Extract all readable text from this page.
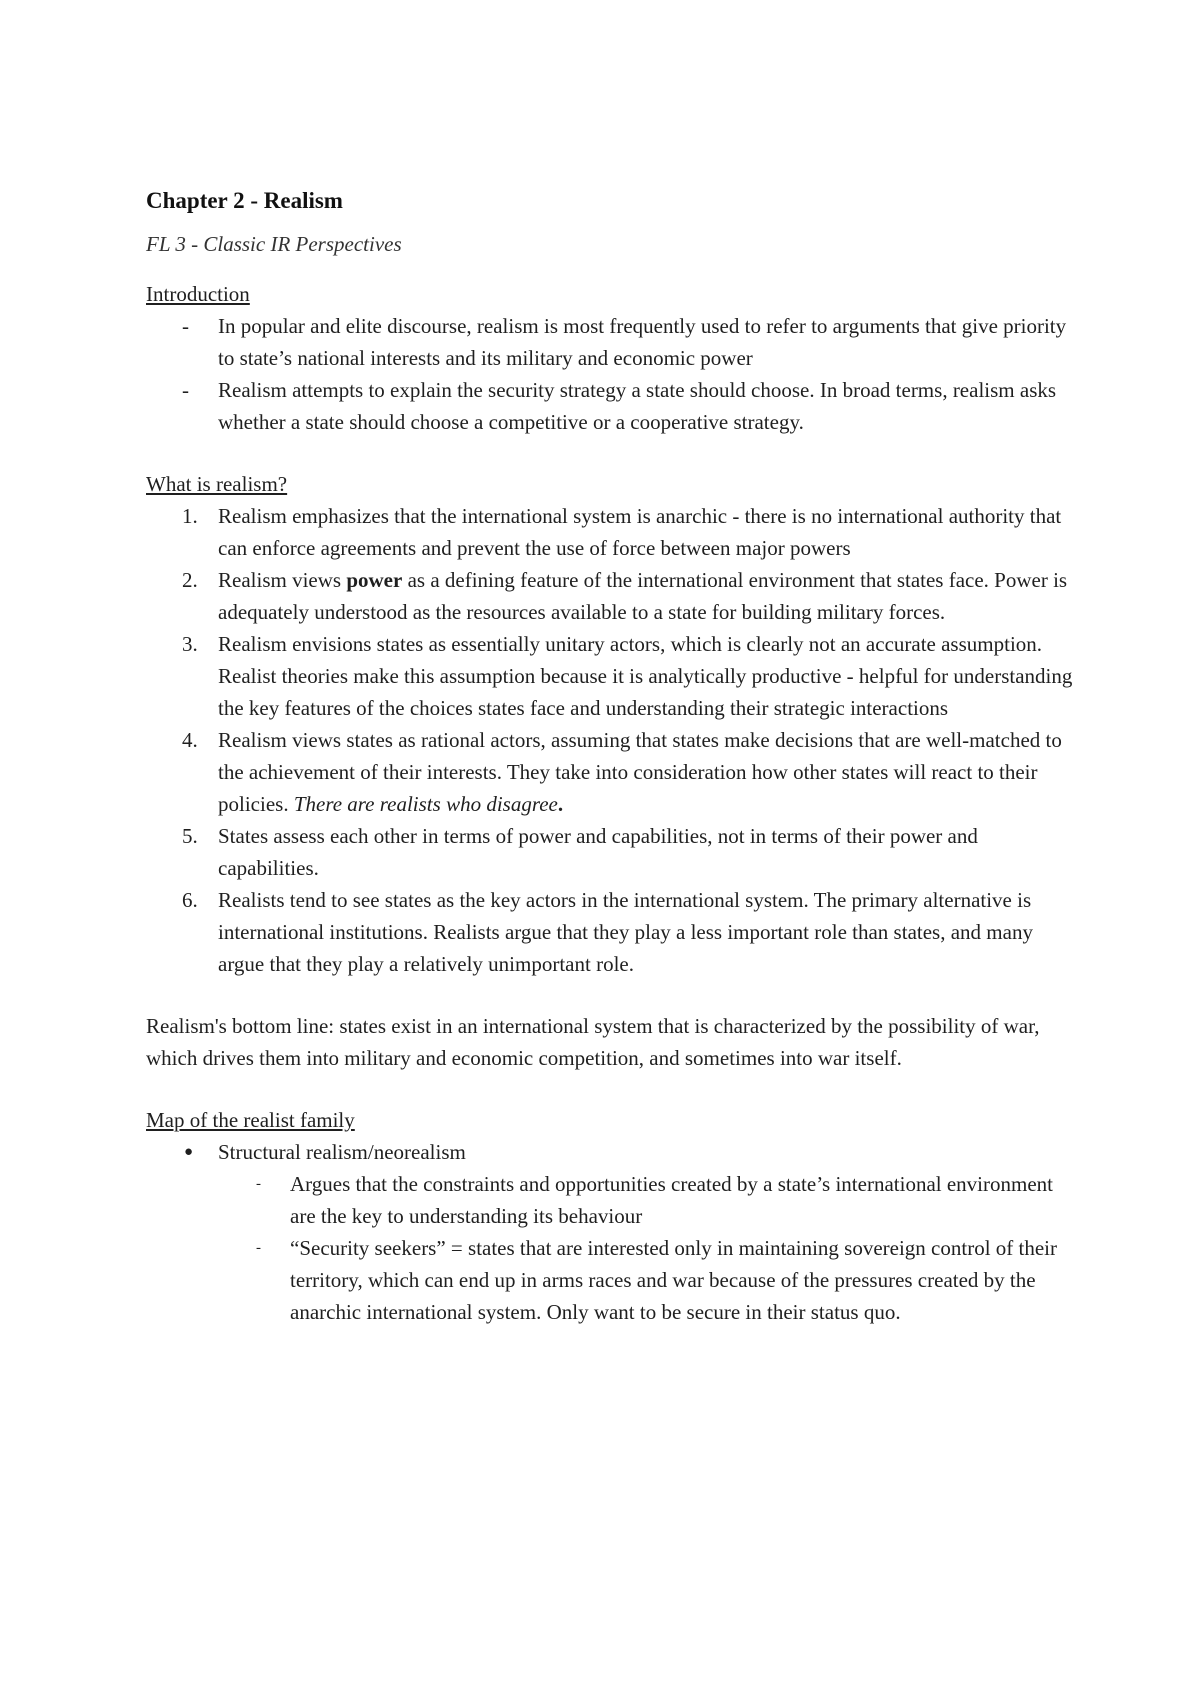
Chapter 2 - Realism

FL 3 - Classic IR Perspectives

Introduction

-	In popular and elite discourse, realism is most frequently used to refer to arguments that give priority to state’s national interests and its military and economic power
-	Realism attempts to explain the security strategy a state should choose. In broad terms, realism asks whether a state should choose a competitive or a cooperative strategy.

What is realism?

1. Realism emphasizes that the international system is anarchic - there is no international authority that can enforce agreements and prevent the use of force between major powers
2. Realism views power as a defining feature of the international environment that states face. Power is adequately understood as the resources available to a state for building military forces.
3. Realism envisions states as essentially unitary actors, which is clearly not an accurate assumption. Realist theories make this assumption because it is analytically productive - helpful for understanding the key features of the choices states face and understanding their strategic interactions
4. Realism views states as rational actors, assuming that states make decisions that are well-matched to the achievement of their interests. They take into consideration how other states will react to their policies. There are realists who disagree.
5. States assess each other in terms of power and capabilities, not in terms of their power and capabilities.
6. Realists tend to see states as the key actors in the international system. The primary alternative is international institutions. Realists argue that they play a less important role than states, and many argue that they play a relatively unimportant role.

Realism's bottom line: states exist in an international system that is characterized by the possibility of war, which drives them into military and economic competition, and sometimes into war itself.

Map of the realist family

●	Structural realism/neorealism
-	Argues that the constraints and opportunities created by a state’s international environment are the key to understanding its behaviour
-	“Security seekers” = states that are interested only in maintaining sovereign control of their territory, which can end up in arms races and war because of the pressures created by the anarchic international system. Only want to be secure in their status quo.
